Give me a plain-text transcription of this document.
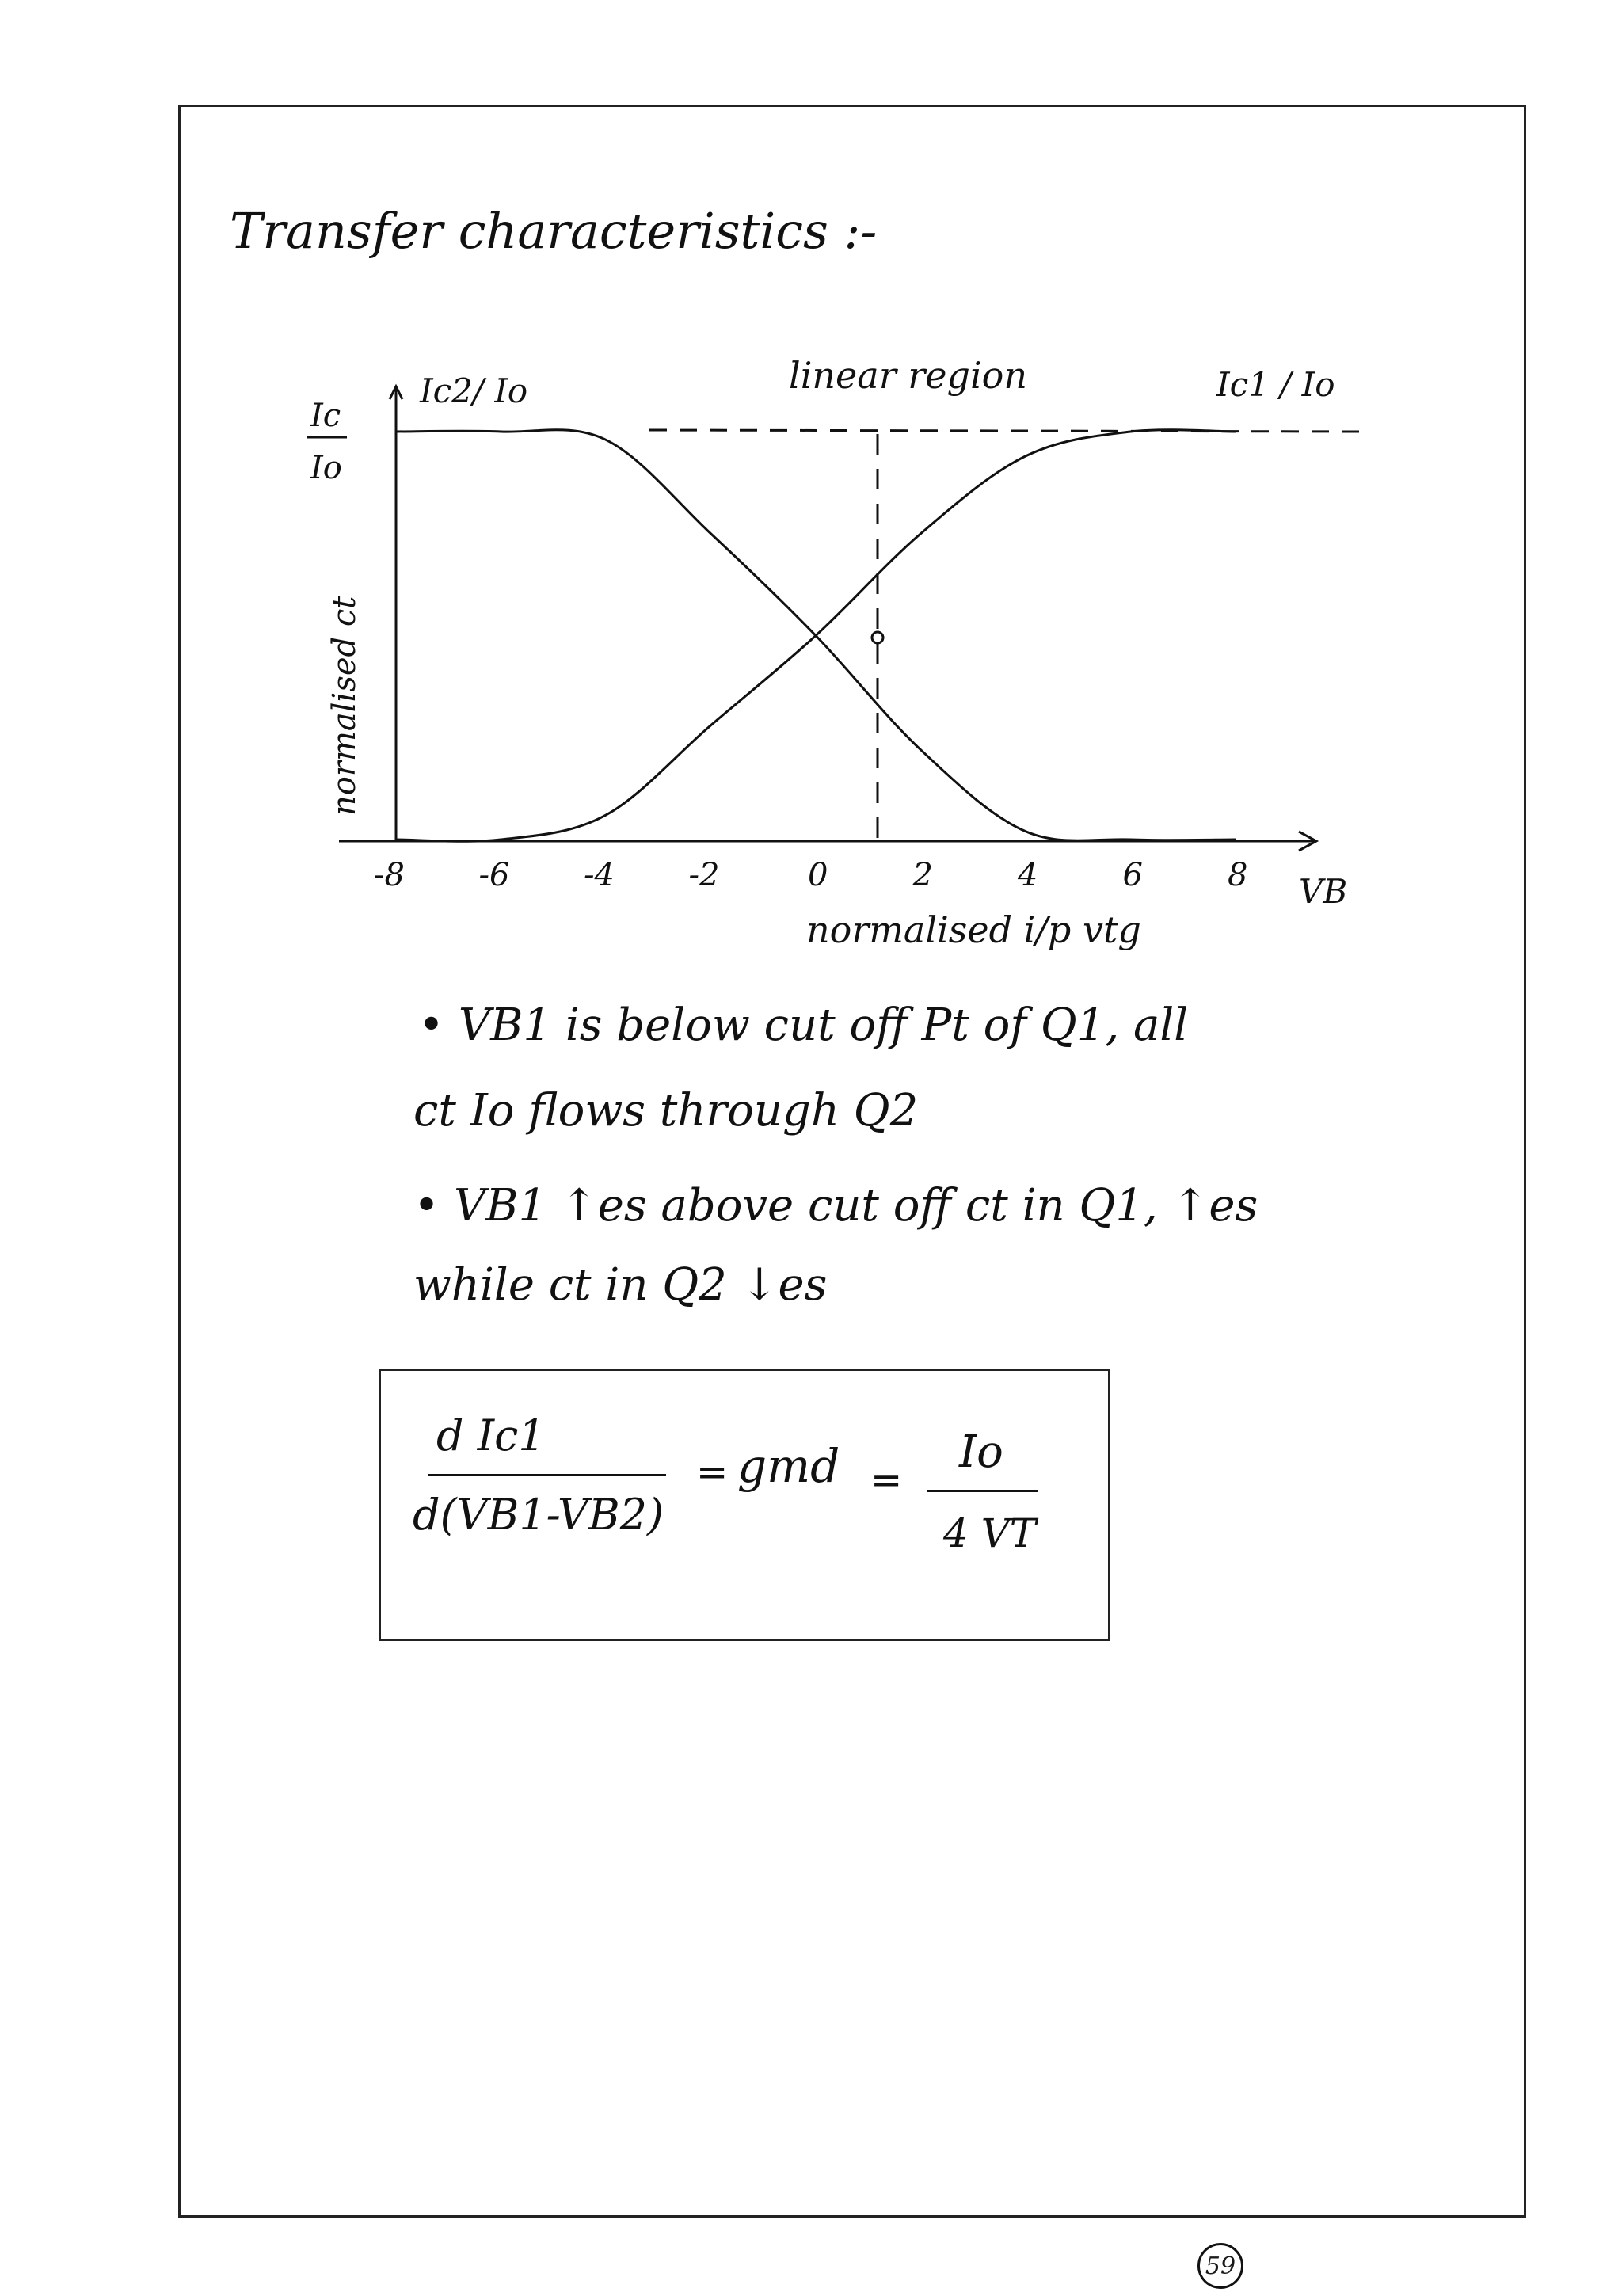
Transfer characteristics :-
-8 -6 -4 -2	0	2	4	6	8
Ic
Io
normalised ct
Ic2/ Io	linear region	Ic1 / Io
VB
normalised i/p vtg
• VB1 is below cut off Pt of Q1, all
ct Io flows through Q2
• VB1 ↑es above cut off ct in Q1, ↑es
while ct in Q2 ↓es
d Ic1
d(VB1-VB2)
= gmd =
Io
4 VT
59
